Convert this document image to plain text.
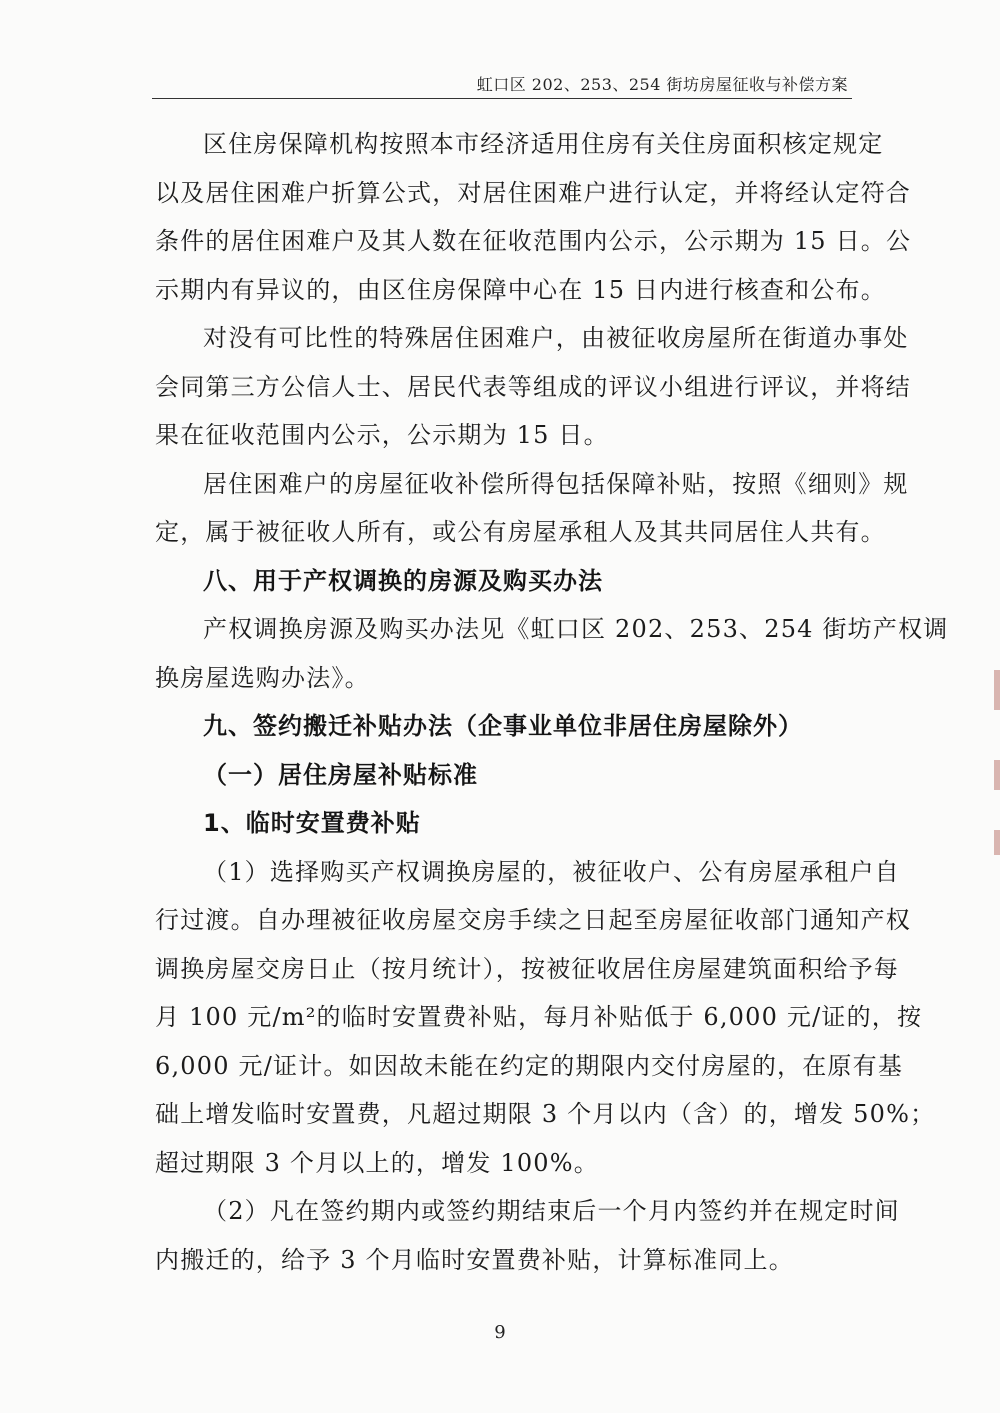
虹口区 202、253、254 街坊房屋征收与补偿方案
区住房保障机构按照本市经济适用住房有关住房面积核定规定
以及居住困难户折算公式，对居住困难户进行认定，并将经认定符合
条件的居住困难户及其人数在征收范围内公示，公示期为 15 日。公
示期内有异议的，由区住房保障中心在 15 日内进行核查和公布。
对没有可比性的特殊居住困难户，由被征收房屋所在街道办事处
会同第三方公信人士、居民代表等组成的评议小组进行评议，并将结
果在征收范围内公示，公示期为 15 日。
居住困难户的房屋征收补偿所得包括保障补贴，按照《细则》规
定，属于被征收人所有，或公有房屋承租人及其共同居住人共有。
八、用于产权调换的房源及购买办法
产权调换房源及购买办法见《虹口区 202、253、254 街坊产权调
换房屋选购办法》。
九、签约搬迁补贴办法（企事业单位非居住房屋除外）
（一）居住房屋补贴标准
1、临时安置费补贴
（1）选择购买产权调换房屋的，被征收户、公有房屋承租户自
行过渡。自办理被征收房屋交房手续之日起至房屋征收部门通知产权
调换房屋交房日止（按月统计），按被征收居住房屋建筑面积给予每
月 100 元/m²的临时安置费补贴，每月补贴低于 6,000 元/证的，按
6,000 元/证计。如因故未能在约定的期限内交付房屋的，在原有基
础上增发临时安置费，凡超过期限 3 个月以内（含）的，增发 50%；
超过期限 3 个月以上的，增发 100%。
（2）凡在签约期内或签约期结束后一个月内签约并在规定时间
内搬迁的，给予 3 个月临时安置费补贴，计算标准同上。
9
